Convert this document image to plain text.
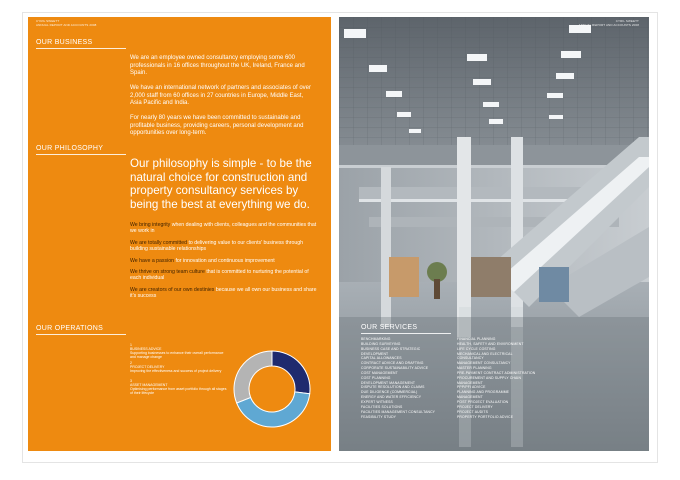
CYRIL SWEETT
ANNUAL REPORT AND ACCOUNTS 2008
OUR BUSINESS
We are an employee owned consultancy employing some 600 professionals in 16 offices throughout the UK, Ireland, France and Spain.
We have an international network of partners and associates of over 2,000 staff from 60 offices in 27 countries in Europe, Middle East, Asia Pacific and India.
For nearly 80 years we have been committed to sustainable and profitable business, providing careers, personal development and opportunities over long-term.
OUR PHILOSOPHY
Our philosophy is simple - to be the natural choice for construction and property consultancy services by being the best at everything we do.
We bring integrity when dealing with clients, colleagues and the communities that we work in
We are totally committed to delivering value to our clients' business through building sustainable relationships
We have a passion for innovation and continuous improvement
We thrive on strong team culture that is committed to nurturing the potential of each individual
We are creators of our own destinies because we all own our business and share it's success
OUR OPERATIONS
1
BUSINESS ADVICE
Supporting businesses to enhance their overall performance and manage change
2
PROJECT DELIVERY
Improving the effectiveness and success of project delivery
3
ASSET MANAGEMENT
Optimising performance from asset portfolio through all stages of their lifecycle
CYRIL SWEETT
ANNUAL REPORT AND ACCOUNTS 2008
OUR SERVICES
BENCHMARKING
BUILDING SURVEYING
BUSINESS CASE AND STRATEGIC
DEVELOPMENT
CAPITAL ALLOWANCES
CONTRACT ADVICE AND DRAFTING
CORPORATE SUSTAINABILITY ADVICE
COST MANAGEMENT
COST PLANNING
DEVELOPMENT MANAGEMENT
DISPUTE RESOLUTION AND CLAIMS
DUE DILIGENCE (COMMERCIAL)
ENERGY AND WATER EFFICIENCY
EXPERT WITNESS
FACILITIES SOLUTIONS
FACILITIES MANAGEMENT CONSULTANCY
FEASIBILITY STUDY
FINANCIAL PLANNING
HEALTH, SAFETY AND ENVIRONMENT
LIFE CYCLE COSTING
MECHANICAL AND ELECTRICAL
CONSULTANCY
MANAGEMENT CONSULTANCY
MASTER PLANNING
PRE-PAYMENT CONTRACT ADMINISTRATION
PROCUREMENT AND SUPPLY CHAIN
MANAGEMENT
PPP/PFI ADVICE
PLANNING AND PROGRAMME
MANAGEMENT
POST PROJECT EVALUATION
PROJECT DELIVERY
PROJECT AUDITS
PROPERTY PORTFOLIO ADVICE
